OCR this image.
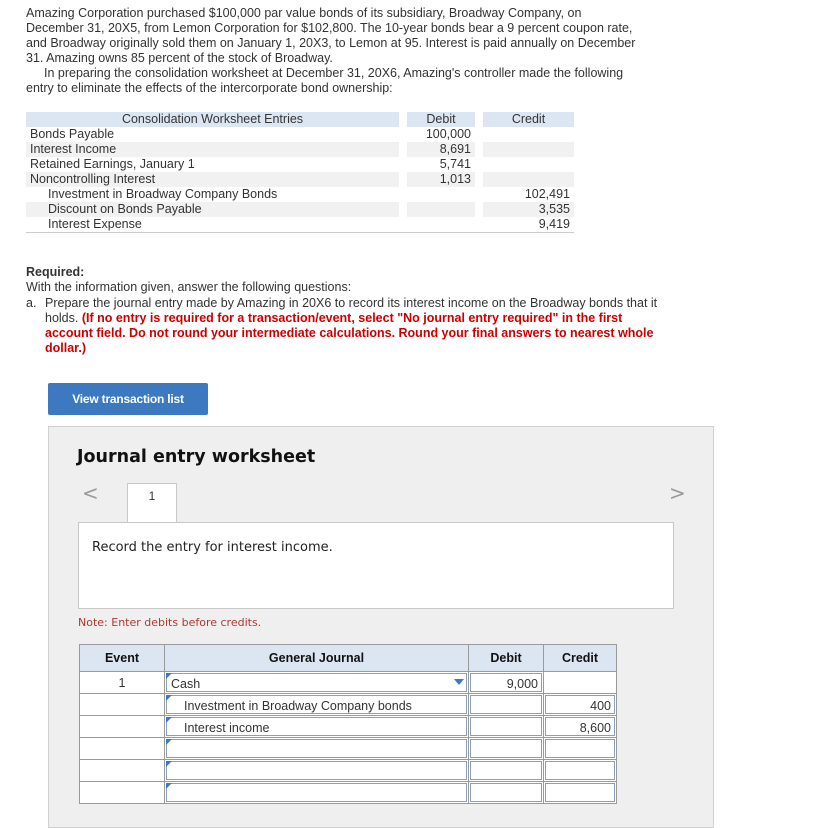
Amazing Corporation purchased $100,000 par value bonds of its subsidiary, Broadway Company, on December 31, 20X5, from Lemon Corporation for $102,800. The 10-year bonds bear a 9 percent coupon rate, and Broadway originally sold them on January 1, 20X3, to Lemon at 95. Interest is paid annually on December 31. Amazing owns 85 percent of the stock of Broadway.

In preparing the consolidation worksheet at December 31, 20X6, Amazing's controller made the following entry to eliminate the effects of the intercorporate bond ownership:

Consolidation Worksheet Entries		Debit		Credit
Bonds Payable		100,000		
Interest Income		8,691		
Retained Earnings, January 1		5,741		
Noncontrolling Interest		1,013		
Investment in Broadway Company Bonds				102,491
Discount on Bonds Payable				3,535
Interest Expense				9,419

Required:

With the information given, answer the following questions:

a. Prepare the journal entry made by Amazing in 20X6 to record its interest income on the Broadway bonds that it holds. (If no entry is required for a transaction/event, select "No journal entry required" in the first account field. Do not round your intermediate calculations. Round your final answers to nearest whole dollar.)
View transaction list
Journal entry worksheet
<	>
1

Record the entry for interest income.

Note: Enter debits before credits.

Event	General Journal	Debit	Credit
1	Cash	9,000	

	Investment in Broadway Company bonds		400

	Interest income		8,600
